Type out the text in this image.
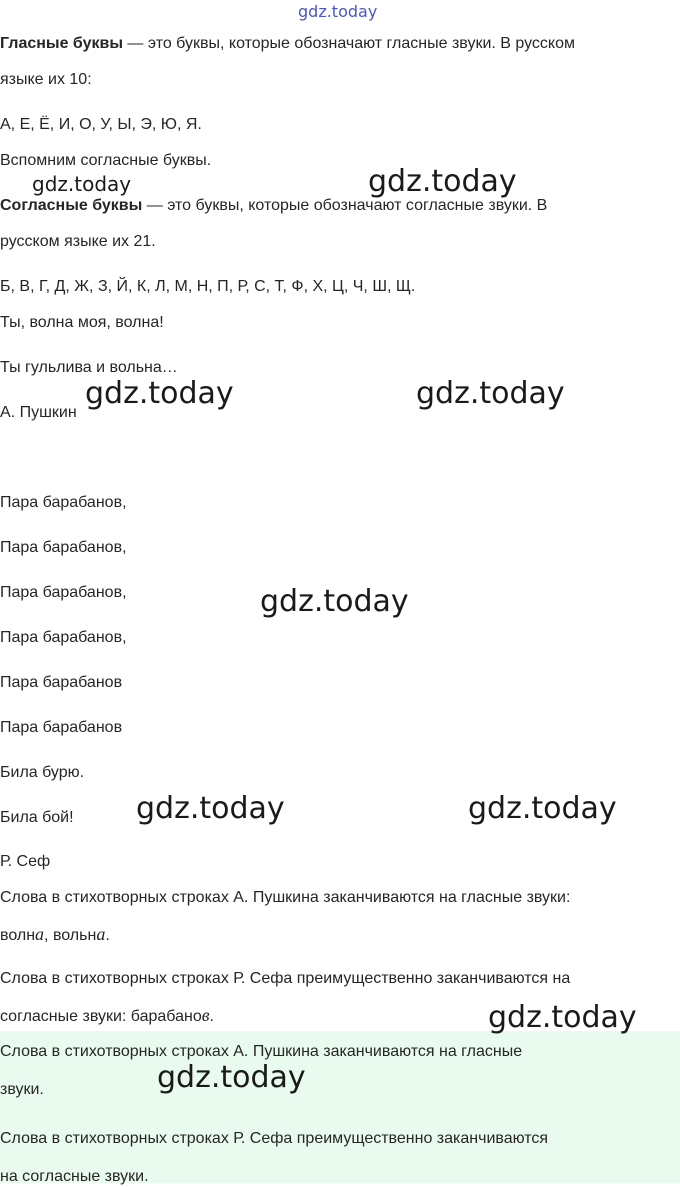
gdz.today
Гласные буквы — это буквы, которые обозначают гласные звуки. В русском
языке их 10:
А, Е, Ё, И, О, У, Ы, Э, Ю, Я.
Вспомним согласные буквы.
Согласные буквы — это буквы, которые обозначают согласные звуки. В
русском языке их 21.
Б, В, Г, Д, Ж, З, Й, К, Л, М, Н, П, Р, С, Т, Ф, Х, Ц, Ч, Ш, Щ.
Ты, волна моя, волна!
Ты гульлива и вольна…
А. Пушкин
Пара барабанов,
Пара барабанов,
Пара барабанов,
Пара барабанов,
Пара барабанов
Пара барабанов
Била бурю.
Била бой!
Р. Сеф
Слова в стихотворных строках А. Пушкина заканчиваются на гласные звуки:
волна, вольна.
Слова в стихотворных строках Р. Сефа преимущественно заканчиваются на
согласные звуки: барабанов.
Слова в стихотворных строках А. Пушкина заканчиваются на гласные
звуки.
Слова в стихотворных строках Р. Сефа преимущественно заканчиваются
на согласные звуки.
gdz.today	gdz.today
gdz.today	gdz.today
gdz.today
gdz.today	gdz.today
gdz.today
gdz.today
